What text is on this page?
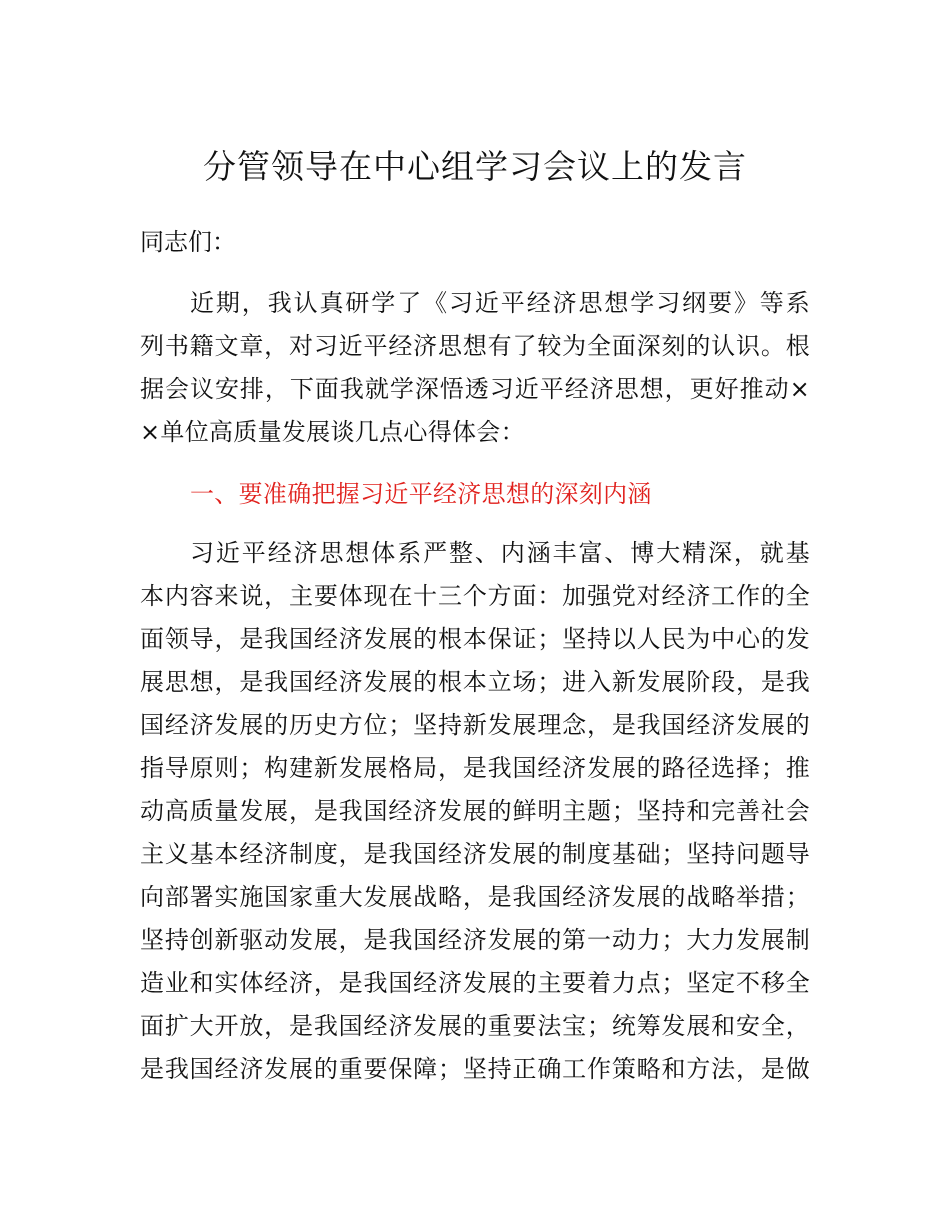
分管领导在中心组学习会议上的发言
同志们：
近期，我认真研学了《习近平经济思想学习纲要》等系
列书籍文章，对习近平经济思想有了较为全面深刻的认识。根
据会议安排，下面我就学深悟透习近平经济思想，更好推动×
×单位高质量发展谈几点心得体会：
一、要准确把握习近平经济思想的深刻内涵
习近平经济思想体系严整、内涵丰富、博大精深，就基
本内容来说，主要体现在十三个方面：加强党对经济工作的全
面领导，是我国经济发展的根本保证；坚持以人民为中心的发
展思想，是我国经济发展的根本立场；进入新发展阶段，是我
国经济发展的历史方位；坚持新发展理念，是我国经济发展的
指导原则；构建新发展格局，是我国经济发展的路径选择；推
动高质量发展，是我国经济发展的鲜明主题；坚持和完善社会
主义基本经济制度，是我国经济发展的制度基础；坚持问题导
向部署实施国家重大发展战略，是我国经济发展的战略举措；
坚持创新驱动发展，是我国经济发展的第一动力；大力发展制
造业和实体经济，是我国经济发展的主要着力点；坚定不移全
面扩大开放，是我国经济发展的重要法宝；统筹发展和安全，
是我国经济发展的重要保障；坚持正确工作策略和方法，是做
